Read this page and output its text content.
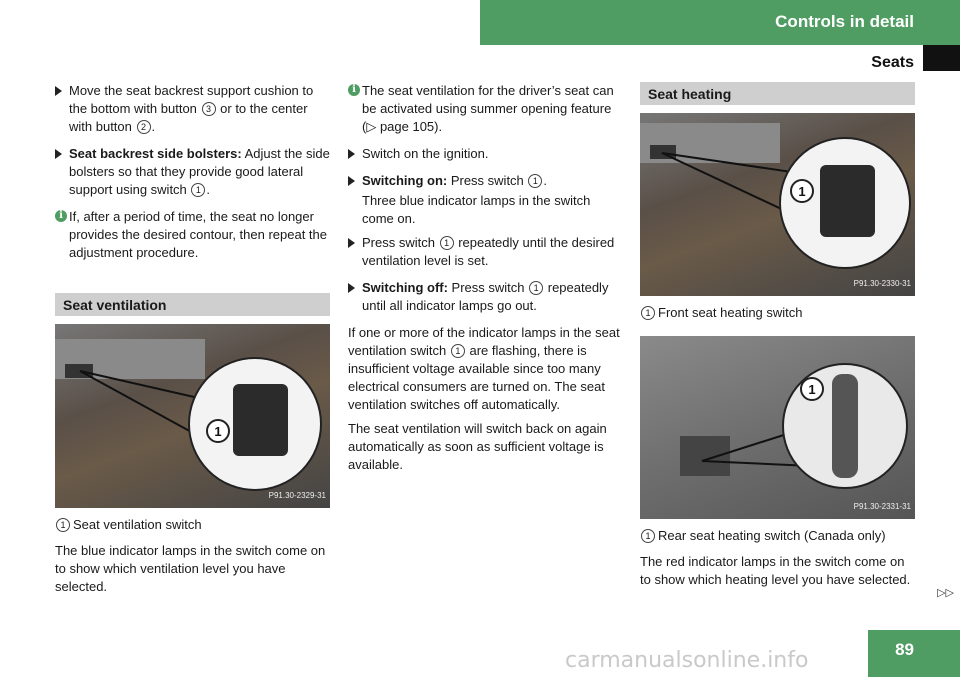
Controls in detail
Seats
Move the seat backrest support cushion to the bottom with button 3 or to the center with button 2 .
Seat backrest side bolsters: Adjust the side bolsters so that they provide good lateral support using switch 1 .
i If, after a period of time, the seat no longer provides the desired contour, then repeat the adjustment procedure.
Seat ventilation
1
P91.30-2329-31
1 Seat ventilation switch
The blue indicator lamps in the switch come on to show which ventilation level you have selected.
i The seat ventilation for the driver’s seat can be activated using summer opening feature (▷ page 105).
Switch on the ignition.
Switching on: Press switch 1 .
Three blue indicator lamps in the switch come on.
Press switch 1 repeatedly until the desired ventilation level is set.
Switching off: Press switch 1 repeatedly until all indicator lamps go out.
If one or more of the indicator lamps in the seat ventilation switch 1 are flashing, there is insufficient voltage available since too many electrical consumers are turned on. The seat ventilation switches off automatically.
The seat ventilation will switch back on again automatically as soon as sufficient voltage is available.
Seat heating
1
P91.30-2330-31
1 Front seat heating switch
1
P91.30-2331-31
1 Rear seat heating switch (Canada only)
The red indicator lamps in the switch come on to show which heating level you have selected.
▷▷
carmanualsonline.info	89
